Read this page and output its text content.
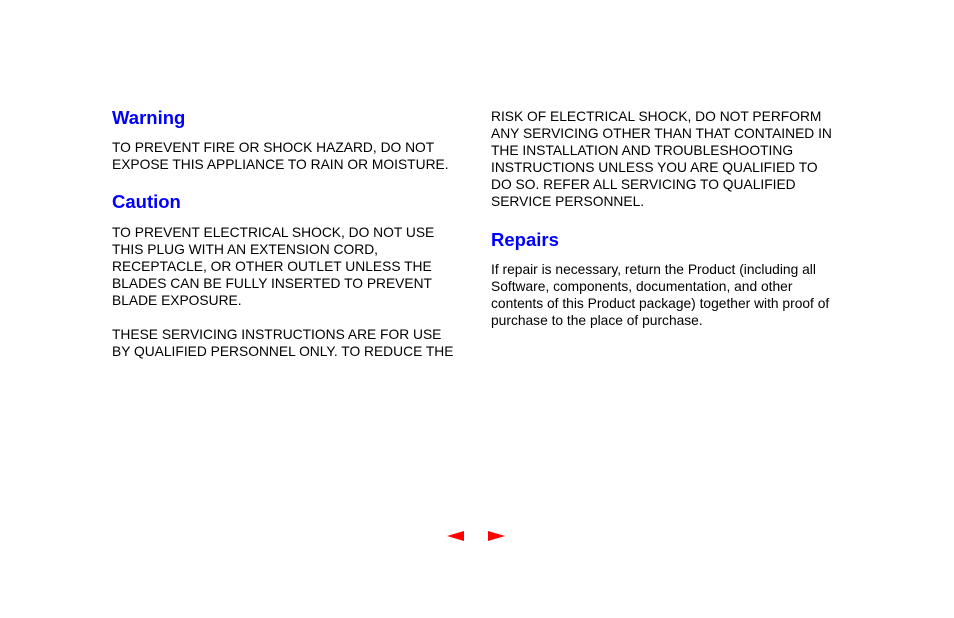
Warning

TO PREVENT FIRE OR SHOCK HAZARD, DO NOT
EXPOSE THIS APPLIANCE TO RAIN OR MOISTURE.

Caution

TO PREVENT ELECTRICAL SHOCK, DO NOT USE
THIS PLUG WITH AN EXTENSION CORD,
RECEPTACLE, OR OTHER OUTLET UNLESS THE
BLADES CAN BE FULLY INSERTED TO PREVENT
BLADE EXPOSURE.

THESE SERVICING INSTRUCTIONS ARE FOR USE
BY QUALIFIED PERSONNEL ONLY. TO REDUCE THE

RISK OF ELECTRICAL SHOCK, DO NOT PERFORM
ANY SERVICING OTHER THAN THAT CONTAINED IN
THE INSTALLATION AND TROUBLESHOOTING
INSTRUCTIONS UNLESS YOU ARE QUALIFIED TO
DO SO. REFER ALL SERVICING TO QUALIFIED
SERVICE PERSONNEL.

Repairs

If repair is necessary, return the Product (including all
Software, components, documentation, and other
contents of this Product package) together with proof of
purchase to the place of purchase.
